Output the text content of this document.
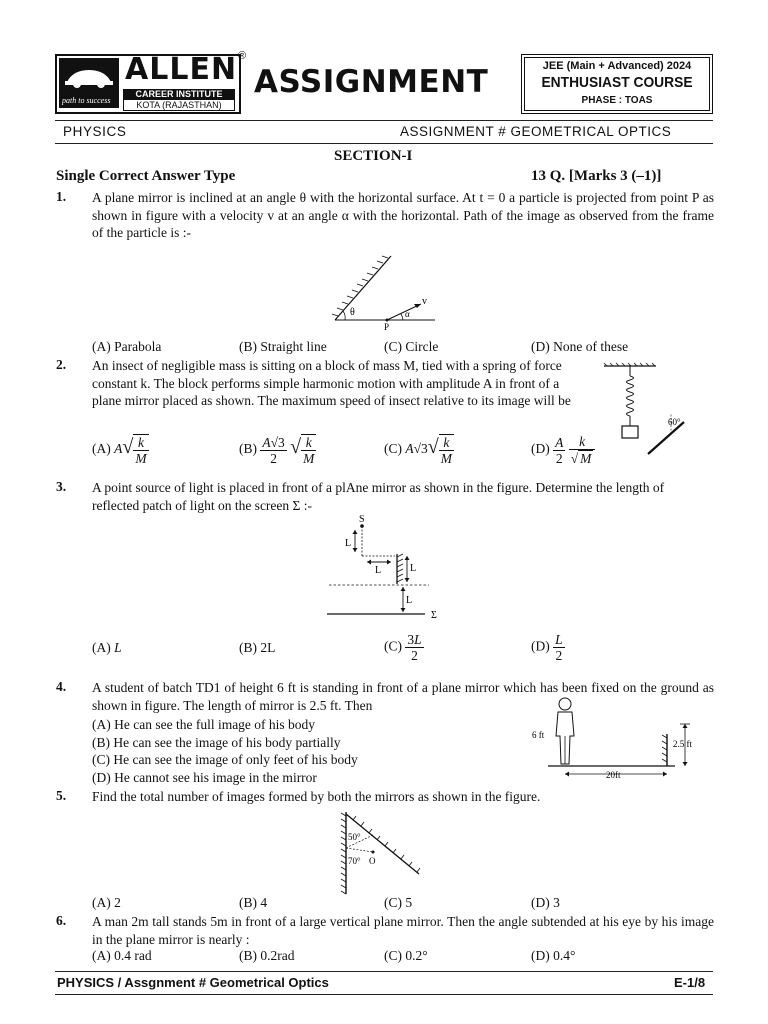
path to success
ALLEN
CAREER INSTITUTE
KOTA (RAJASTHAN)
®
ASSIGNMENT	JEE (Main + Advanced) 2024
ENTHUSIAST COURSE
PHASE : TOAS
PHYSICS	ASSIGNMENT # GEOMETRICAL OPTICS
SECTION-I
Single Correct Answer Type	13 Q. [Marks 3 (–1)]
1. A plane mirror is inclined at an angle θ with the horizontal surface. At t = 0 a particle is projected from point P as shown in figure with a velocity v at an angle α with the horizontal. Path of the image as observed from the frame of the particle is :-
θ	α
v
P
(A) Parabola	(B) Straight line	(C) Circle	(D) None of these
2. An insect of negligible mass is sitting on a block of mass M, tied with a spring of force constant k. The block performs simple harmonic motion with amplitude A in front of a plane mirror placed as shown. The maximum speed of insect relative to its image will be
60°
(A) $A√ \frac{k}{M}$	$(B) \frac{A√3}{2}$ √ $\frac{k}{M}$	(C) $A√3√ \frac{k}{M}$	$(D) \frac{A}{2}$
$\frac{k}{√ M}$
3. A point source of light is placed in front of a plAne mirror as shown in the figure. Determine the length of reflected patch of light on the screen Σ :-
S
L
L	L
L
Σ
(A) L	(B) 2L	$(C) \frac{3L}{2}$	$(D) \frac{L}{2}$
4. A student of batch TD1 of height 6 ft is standing in front of a plane mirror which has been fixed on the ground as shown in figure. The length of mirror is 2.5 ft. Then
6 ft
2.5 ft
20ft
(A) He can see the full image of his body
(B) He can see the image of his body partially
(C) He can see the image of only feet of his body
(D) He cannot see his image in the mirror
5. Find the total number of images formed by both the mirrors as shown in the figure.
50°
70° O
(A) 2	(B) 4	(C) 5	(D) 3
6. A man 2m tall stands 5m in front of a large vertical plane mirror. Then the angle subtended at his eye by his image in the plane mirror is nearly :
(A) 0.4 rad	(B) 0.2rad	(C) 0.2°	(D) 0.4°
PHYSICS / Assgnment # Geometrical Optics	E-1/8
